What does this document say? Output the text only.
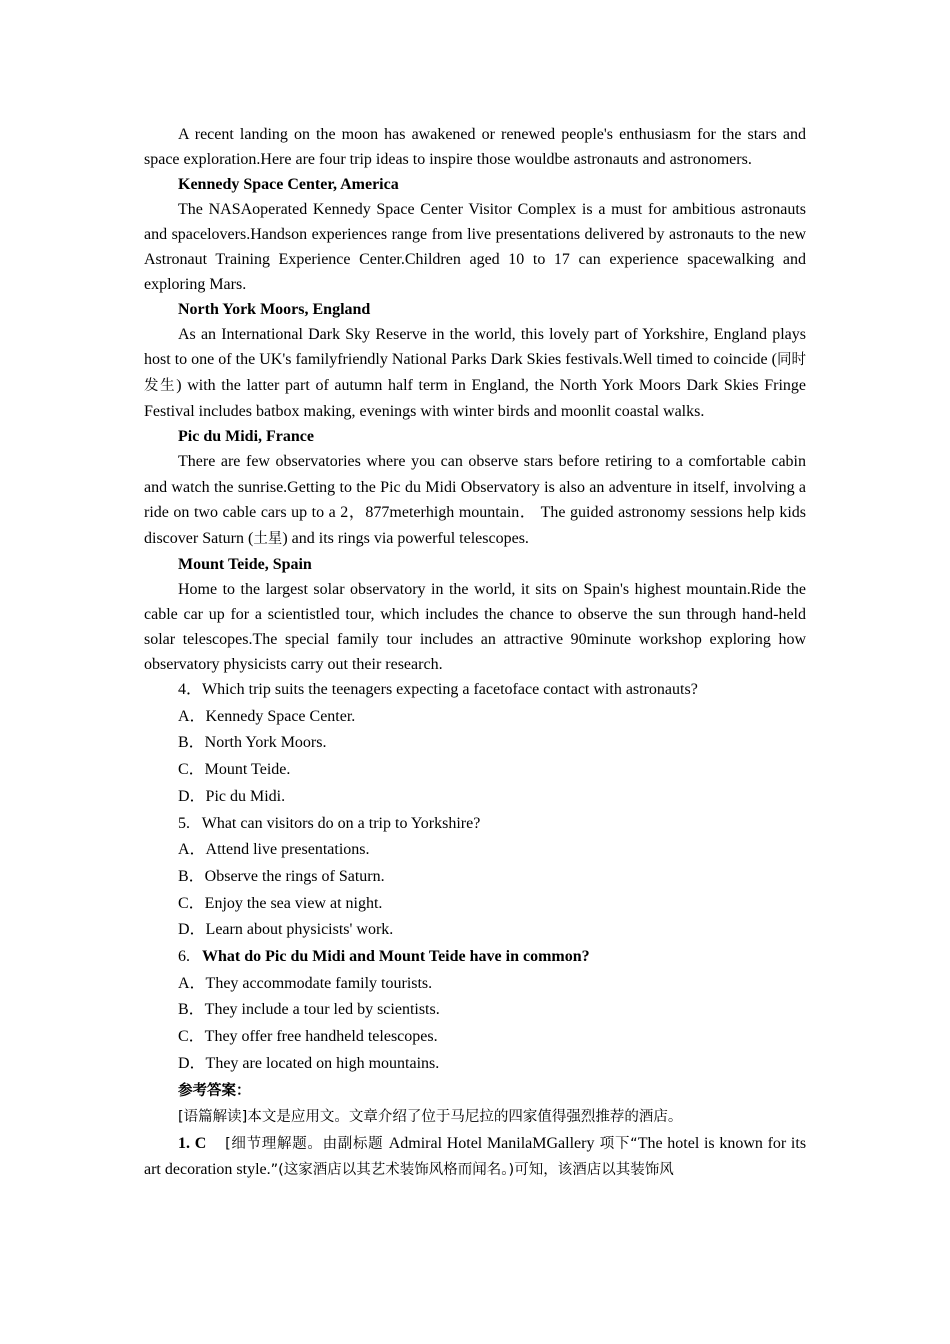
A recent landing on the moon has awakened or renewed people's enthusiasm for the stars and space exploration.Here are four trip ideas to inspire those wouldbe astronauts and astronomers.

Kennedy Space Center, America

The NASAoperated Kennedy Space Center Visitor Complex is a must for ambitious astronauts and spacelovers.Handson experiences range from live presentations delivered by astronauts to the new Astronaut Training Experience Center.Children aged 10 to 17 can experience spacewalking and exploring Mars.

North York Moors, England

As an International Dark Sky Reserve in the world, this lovely part of Yorkshire, England plays host to one of the UK's familyfriendly National Parks Dark Skies festivals.Well timed to coincide (同时发生) with the latter part of autumn half term in England, the North York Moors Dark Skies Fringe Festival includes batbox making, evenings with winter birds and moonlit coastal walks.

Pic du Midi, France

There are few observatories where you can observe stars before retiring to a comfortable cabin and watch the sunrise.Getting to the Pic du Midi Observatory is also an adventure in itself, involving a ride on two cable cars up to a 2，877meterhigh mountain． The guided astronomy sessions help kids discover Saturn (土星) and its rings via powerful telescopes.

Mount Teide, Spain

Home to the largest solar observatory in the world, it sits on Spain's highest mountain.Ride the cable car up for a scientistled tour, which includes the chance to observe the sun through hand-held solar telescopes.The special family tour includes an attractive 90minute workshop exploring how observatory physicists carry out their research.

4．Which trip suits the teenagers expecting a facetoface contact with astronauts?

A．Kennedy Space Center.

B．North York Moors.

C．Mount Teide.

D．Pic du Midi.

5.   What can visitors do on a trip to Yorkshire?

A．Attend live presentations.

B．Observe the rings of Saturn.

C．Enjoy the sea view at night.

D．Learn about physicists' work.

6.   What do Pic du Midi and Mount Teide have in common?

A．They accommodate family tourists.

B．They include a tour led by scientists.

C．They offer free handheld telescopes.

D．They are located on high mountains.

参考答案：

[语篇解读]本文是应用文。文章介绍了位于马尼拉的四家值得强烈推荐的酒店。

1. C [细节理解题。由副标题 Admiral Hotel ManilaMGallery 项下“The hotel is known for its art decoration style.”(这家酒店以其艺术装饰风格而闻名。)可知，该酒店以其装饰风
